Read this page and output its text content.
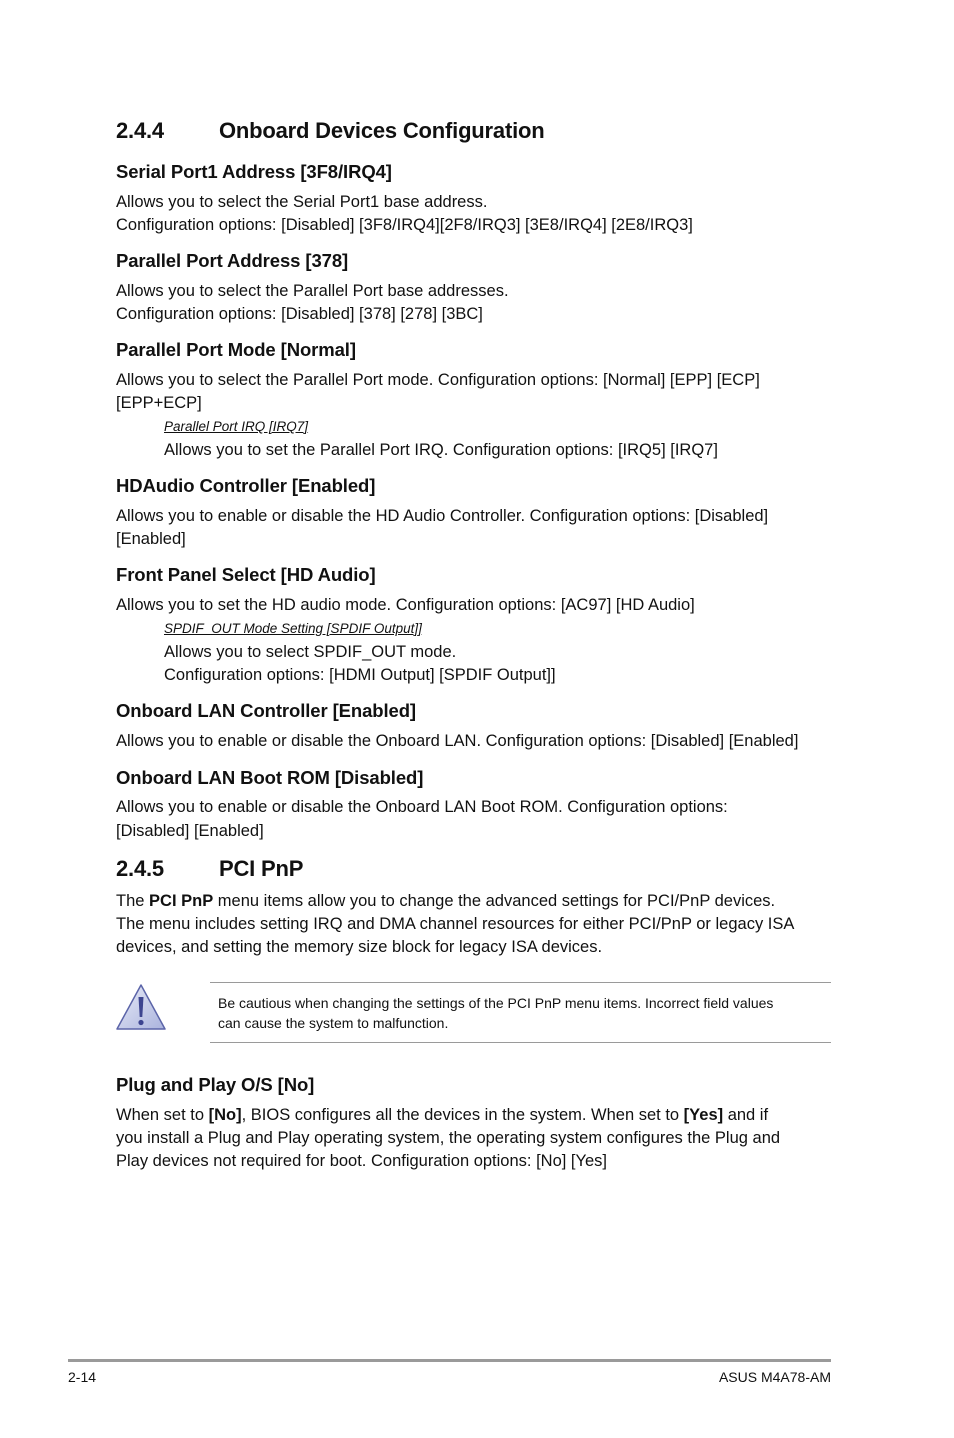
2.4.4	Onboard Devices Configuration
Serial Port1 Address [3F8/IRQ4]
Allows you to select the Serial Port1 base address.
Configuration options: [Disabled] [3F8/IRQ4][2F8/IRQ3] [3E8/IRQ4] [2E8/IRQ3]
Parallel Port Address [378]
Allows you to select the Parallel Port base addresses.
Configuration options: [Disabled] [378] [278] [3BC]
Parallel Port Mode [Normal]
Allows you to select the Parallel Port mode. Configuration options: [Normal] [EPP] [ECP]
[EPP+ECP]
Parallel Port IRQ [IRQ7]
Allows you to set the Parallel Port IRQ. Configuration options: [IRQ5] [IRQ7]
HDAudio Controller [Enabled]
Allows you to enable or disable the HD Audio Controller. Configuration options: [Disabled]
[Enabled]
Front Panel Select [HD Audio]
Allows you to set the HD audio mode. Configuration options: [AC97] [HD Audio]
SPDIF_OUT Mode Setting [SPDIF Output]]
Allows you to select SPDIF_OUT mode.
Configuration options: [HDMI Output] [SPDIF Output]]
Onboard LAN Controller [Enabled]
Allows you to enable or disable the Onboard LAN. Configuration options: [Disabled] [Enabled]
Onboard LAN Boot ROM [Disabled]
Allows you to enable or disable the Onboard LAN Boot ROM. Configuration options:
[Disabled] [Enabled]
2.4.5	PCI PnP
The PCI PnP menu items allow you to change the advanced settings for PCI/PnP devices.
The menu includes setting IRQ and DMA channel resources for either PCI/PnP or legacy ISA
devices, and setting the memory size block for legacy ISA devices.
Be cautious when changing the settings of the PCI PnP menu items. Incorrect field values
can cause the system to malfunction.
Plug and Play O/S [No]
When set to [No], BIOS configures all the devices in the system. When set to [Yes] and if
you install a Plug and Play operating system, the operating system configures the Plug and
Play devices not required for boot. Configuration options: [No] [Yes]
2-14	ASUS M4A78-AM
